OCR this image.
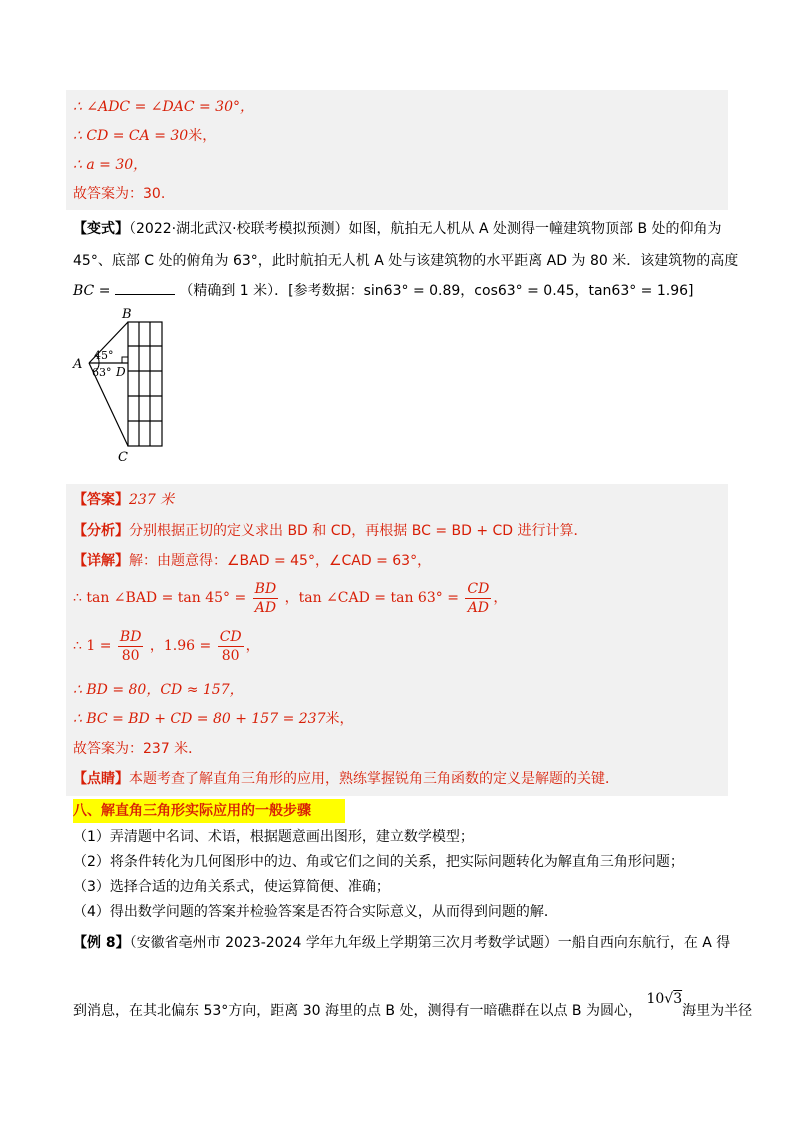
∴ ∠ADC = ∠DAC = 30°，
∴ CD = CA = 30米，
∴ a = 30，
故答案为：30.
【变式】（2022·湖北武汉·校联考模拟预测）如图，航拍无人机从 A 处测得一幢建筑物顶部 B 处的仰角为
45°、底部 C 处的俯角为 63°，此时航拍无人机 A 处与该建筑物的水平距离 AD 为 80 米．该建筑物的高度
BC =	（精确到 1 米）．[参考数据：sin63° = 0.89，cos63° = 0.45，tan63° = 1.96]
B
A
C
D
45°
63°
【答案】237 米
【分析】分别根据正切的定义求出 BD 和 CD，再根据 BC = BD + CD 进行计算．
【详解】解：由题意得：∠BAD = 45°，∠CAD = 63°，
∴ tan ∠BAD = $\tan 45^\circ = \frac{BD}{AD}$ ，tan ∠CAD = $\tan 63^\circ = \frac{CD}{AD}$ ，
∴ $1 = \frac{BD}{80}$ ，$1.96 = \frac{CD}{80}$ ，
∴ BD = 80，CD ≈ 157，
∴ BC = BD + CD = 80 + 157 = 237米，
故答案为：237 米．
【点睛】本题考查了解直角三角形的应用，熟练掌握锐角三角函数的定义是解题的关键．
八、解直角三角形实际应用的一般步骤
（1）弄清题中名词、术语，根据题意画出图形，建立数学模型；
（2）将条件转化为几何图形中的边、角或它们之间的关系，把实际问题转化为解直角三角形问题；
（3）选择合适的边角关系式，使运算简便、准确；
（4）得出数学问题的答案并检验答案是否符合实际意义，从而得到问题的解．
【例 8】（安徽省亳州市 2023-2024 学年九年级上学期第三次月考数学试题）一船自西向东航行，在 A 得
到消息，在其北偏东 53°方向，距离 30 海里的点 B 处，测得有一暗礁群在以点 B 为圆心， 10√3海里为半径
